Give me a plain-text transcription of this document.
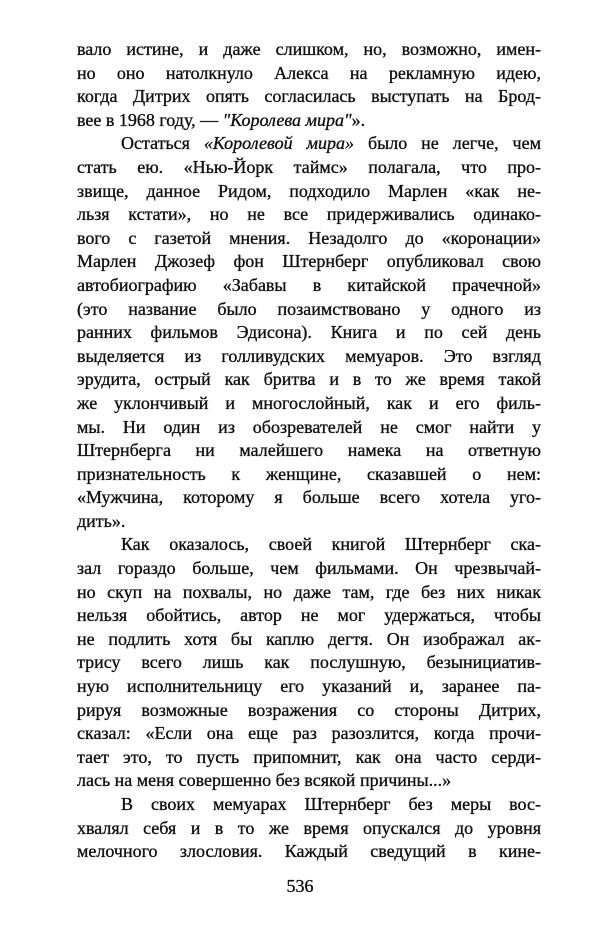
вало истине, и даже слишком, но, возможно, имен-
но оно натолкнуло Алекса на рекламную идею,
когда Дитрих опять согласилась выступать на Брод-
вее в 1968 году, — "Королева мира"».
Остаться «Королевой мира» было не легче, чем
стать ею. «Нью-Йорк таймс» полагала, что про-
звище, данное Ридом, подходило Марлен «как не-
льзя кстати», но не все придерживались одинако-
вого с газетой мнения. Незадолго до «коронации»
Марлен Джозеф фон Штернберг опубликовал свою
автобиографию «Забавы в китайской прачечной»
(это название было позаимствовано у одного из
ранних фильмов Эдисона). Книга и по сей день
выделяется из голливудских мемуаров. Это взгляд
эрудита, острый как бритва и в то же время такой
же уклончивый и многослойный, как и его филь-
мы. Ни один из обозревателей не смог найти у
Штернберга ни малейшего намека на ответную
признательность к женщине, сказавшей о нем:
«Мужчина, которому я больше всего хотела уго-
дить».
Как оказалось, своей книгой Штернберг ска-
зал гораздо больше, чем фильмами. Он чрезвычай-
но скуп на похвалы, но даже там, где без них никак
нельзя обойтись, автор не мог удержаться, чтобы
не подлить хотя бы каплю дегтя. Он изображал ак-
трису всего лишь как послушную, безынициатив-
ную исполнительницу его указаний и, заранее па-
рируя возможные возражения со стороны Дитрих,
сказал: «Если она еще раз разозлится, когда прочи-
тает это, то пусть припомнит, как она часто серди-
лась на меня совершенно без всякой причины...»
В своих мемуарах Штернберг без меры вос-
хвалял себя и в то же время опускался до уровня
мелочного злословия. Каждый сведущий в кине-
536
